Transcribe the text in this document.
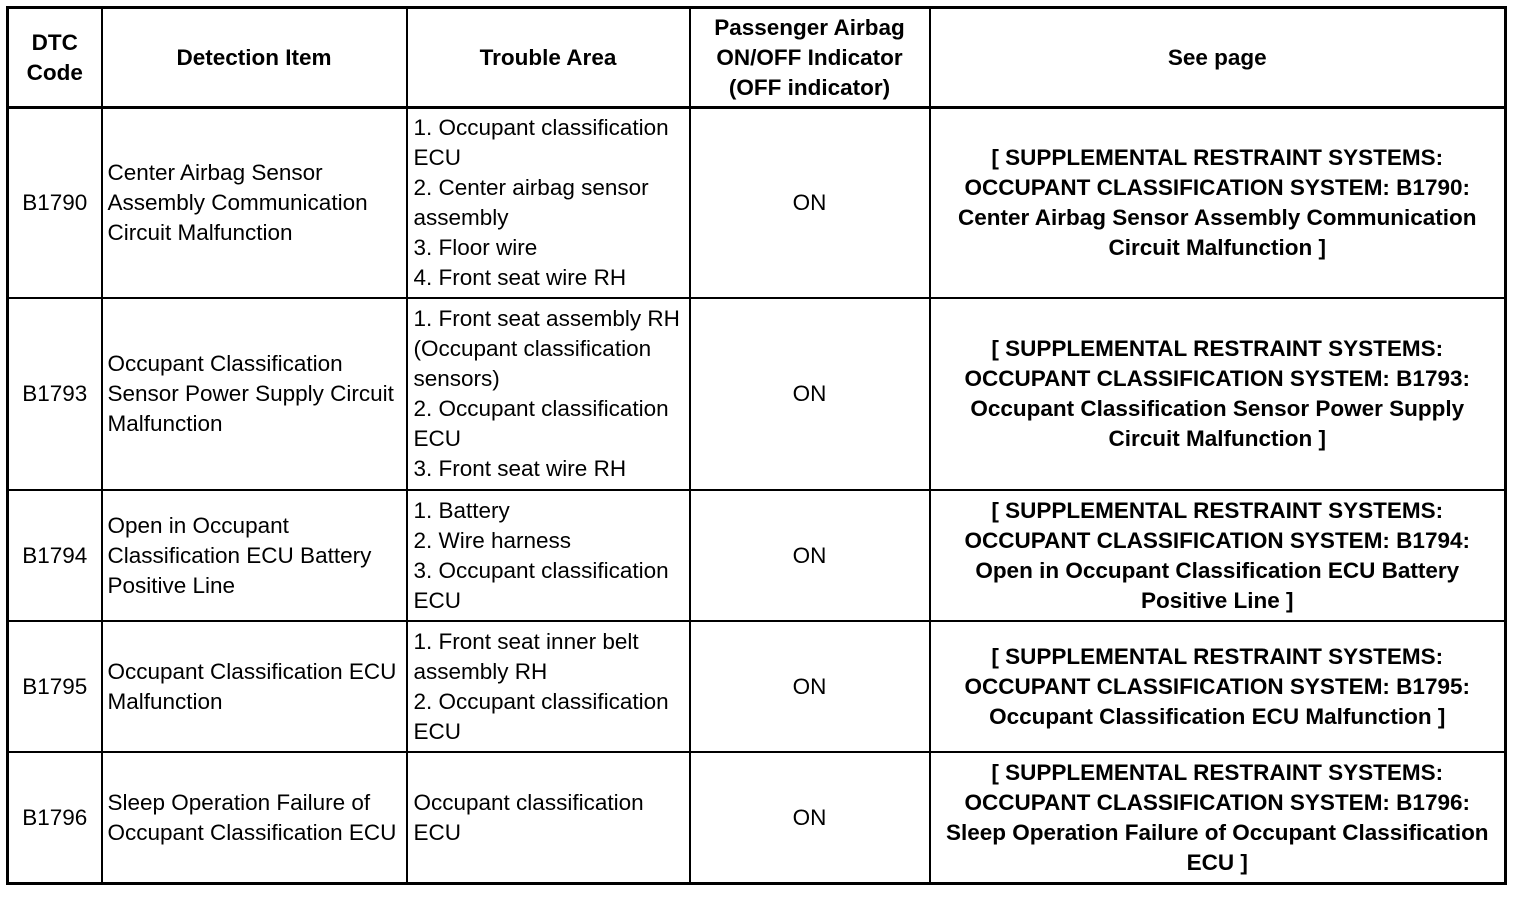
DTC Code	Detection Item	Trouble Area	Passenger Airbag ON/OFF Indicator (OFF indicator)	See page
B1790	Center Airbag Sensor Assembly Communication Circuit Malfunction	1. Occupant classification ECU
2. Center airbag sensor assembly
3. Floor wire
4. Front seat wire RH	ON	[ SUPPLEMENTAL RESTRAINT SYSTEMS: OCCUPANT CLASSIFICATION SYSTEM: B1790: Center Airbag Sensor Assembly Communication Circuit Malfunction ]
B1793	Occupant Classification Sensor Power Supply Circuit Malfunction	1. Front seat assembly RH (Occupant classification sensors)
2. Occupant classification ECU
3. Front seat wire RH	ON	[ SUPPLEMENTAL RESTRAINT SYSTEMS: OCCUPANT CLASSIFICATION SYSTEM: B1793: Occupant Classification Sensor Power Supply Circuit Malfunction ]
B1794	Open in Occupant Classification ECU Battery Positive Line	1. Battery
2. Wire harness
3. Occupant classification ECU	ON	[ SUPPLEMENTAL RESTRAINT SYSTEMS: OCCUPANT CLASSIFICATION SYSTEM: B1794: Open in Occupant Classification ECU Battery Positive Line ]
B1795	Occupant Classification ECU Malfunction	1. Front seat inner belt assembly RH
2. Occupant classification ECU	ON	[ SUPPLEMENTAL RESTRAINT SYSTEMS: OCCUPANT CLASSIFICATION SYSTEM: B1795: Occupant Classification ECU Malfunction ]
B1796	Sleep Operation Failure of Occupant Classification ECU	Occupant classification ECU	ON	[ SUPPLEMENTAL RESTRAINT SYSTEMS: OCCUPANT CLASSIFICATION SYSTEM: B1796: Sleep Operation Failure of Occupant Classification ECU ]
